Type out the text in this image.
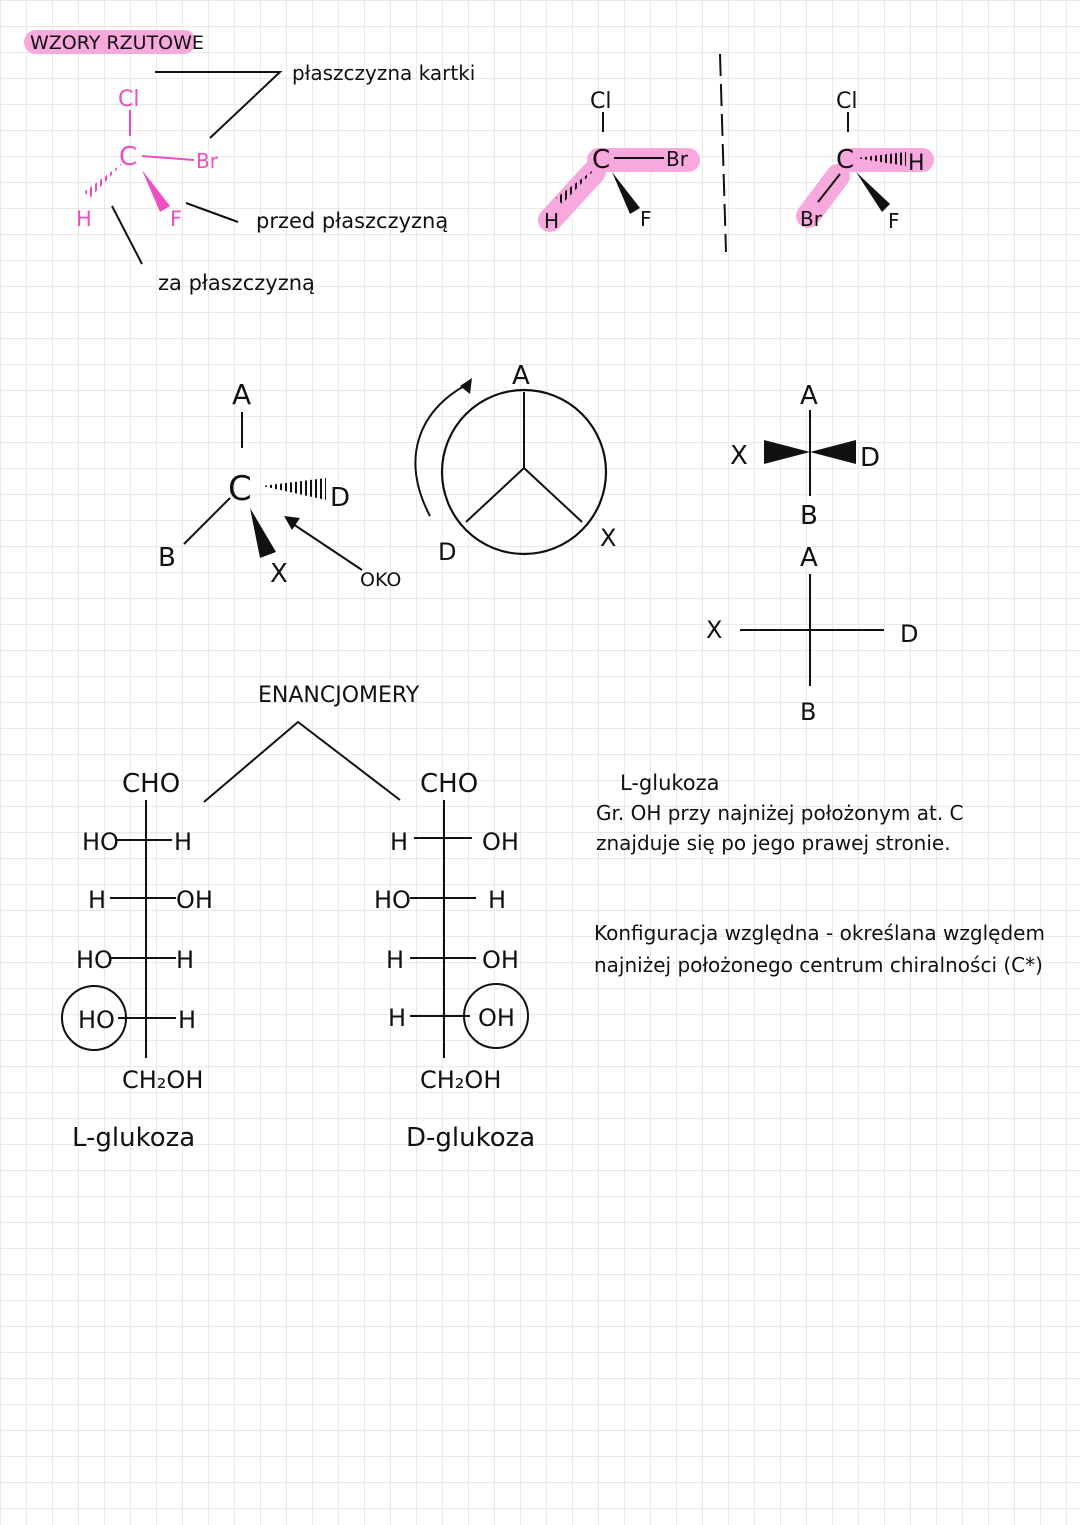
WZORY RZUTOWE
Cl
C	Br
H	F
płaszczyzna kartki
przed płaszczyzną
za płaszczyzną
Cl
C	Br
H	F
Cl
C H
Br	F
A
C	D
B
X	OKO
A
D	X
A
X	D
B
A
X	D
B
ENANCJOMERY
CHO
HO H
H	OH
HO	H
HO	H
CH₂OH
L-glukoza
CHO
H	OH
HO	H
H	OH
H	OH
CH₂OH
D-glukoza
L-glukoza
Gr. OH przy najniżej położonym at. C
znajduje się po jego prawej stronie.
Konfiguracja względna - określana względem
najniżej położonego centrum chiralności (C*)
